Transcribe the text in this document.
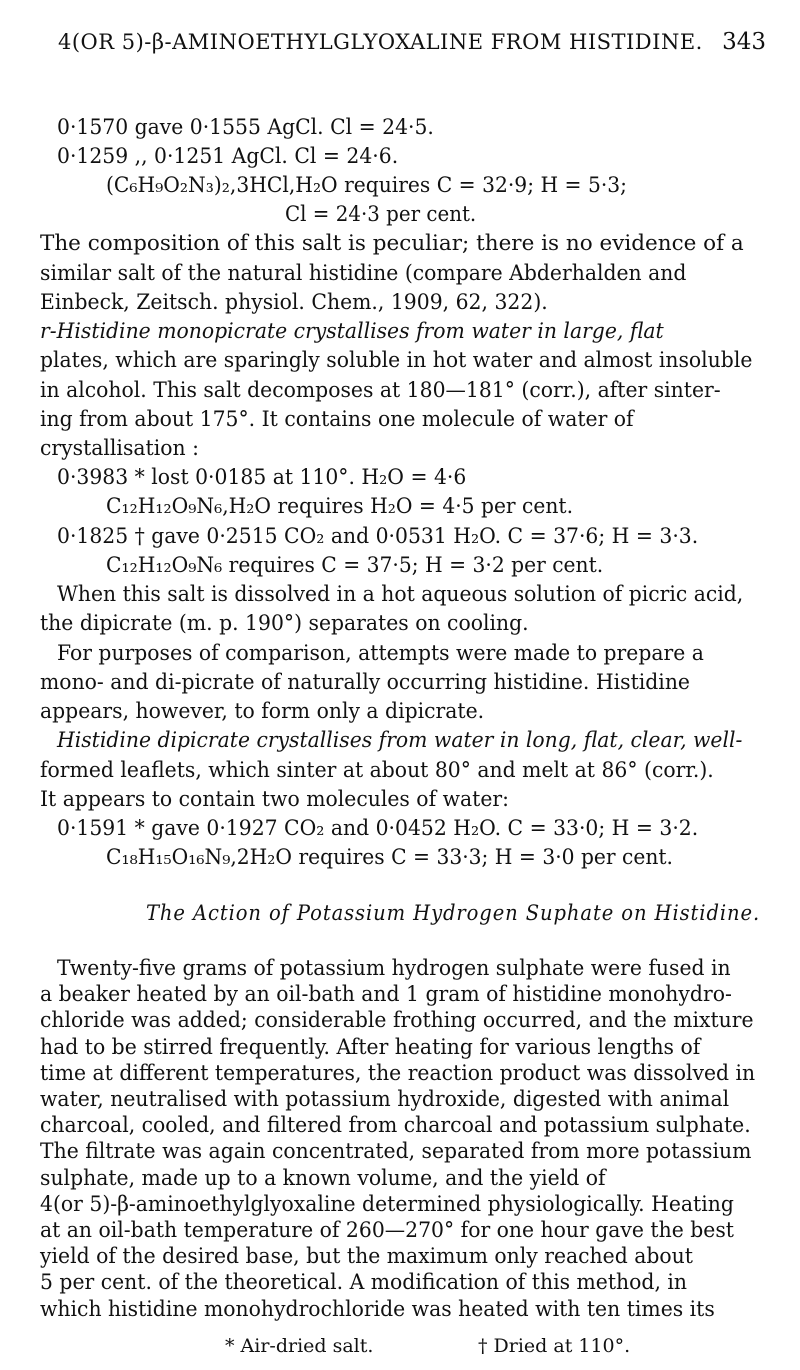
4(OR 5)-β-AMINOETHYLGLYOXALINE FROM HISTIDINE. 343
0·1570 gave 0·1555 AgCl. Cl = 24·5.
0·1259 ,, 0·1251 AgCl. Cl = 24·6.
(C₆H₉O₂N₃)₂,3HCl,H₂O requires C = 32·9; H = 5·3;
Cl = 24·3 per cent.
The composition of this salt is peculiar; there is no evidence of a
similar salt of the natural histidine (compare Abderhalden and
Einbeck, Zeitsch. physiol. Chem., 1909, 62, 322).
r-Histidine monopicrate crystallises from water in large, flat
plates, which are sparingly soluble in hot water and almost insoluble
in alcohol. This salt decomposes at 180—181° (corr.), after sinter-
ing from about 175°. It contains one molecule of water of
crystallisation :
0·3983 * lost 0·0185 at 110°. H₂O = 4·6
C₁₂H₁₂O₉N₆,H₂O requires H₂O = 4·5 per cent.
0·1825 † gave 0·2515 CO₂ and 0·0531 H₂O. C = 37·6; H = 3·3.
C₁₂H₁₂O₉N₆ requires C = 37·5; H = 3·2 per cent.
When this salt is dissolved in a hot aqueous solution of picric acid,
the dipicrate (m. p. 190°) separates on cooling.
For purposes of comparison, attempts were made to prepare a
mono- and di-picrate of naturally occurring histidine. Histidine
appears, however, to form only a dipicrate.
Histidine dipicrate crystallises from water in long, flat, clear, well-
formed leaflets, which sinter at about 80° and melt at 86° (corr.).
It appears to contain two molecules of water:
0·1591 * gave 0·1927 CO₂ and 0·0452 H₂O. C = 33·0; H = 3·2.
C₁₈H₁₅O₁₆N₉,2H₂O requires C = 33·3; H = 3·0 per cent.
The Action of Potassium Hydrogen Suphate on Histidine.
Twenty-five grams of potassium hydrogen sulphate were fused in
a beaker heated by an oil-bath and 1 gram of histidine monohydro-
chloride was added; considerable frothing occurred, and the mixture
had to be stirred frequently. After heating for various lengths of
time at different temperatures, the reaction product was dissolved in
water, neutralised with potassium hydroxide, digested with animal
charcoal, cooled, and filtered from charcoal and potassium sulphate.
The filtrate was again concentrated, separated from more potassium
sulphate, made up to a known volume, and the yield of
4(or 5)-β-aminoethylglyoxaline determined physiologically. Heating
at an oil-bath temperature of 260—270° for one hour gave the best
yield of the desired base, but the maximum only reached about
5 per cent. of the theoretical. A modification of this method, in
which histidine monohydrochloride was heated with ten times its
* Air-dried salt.	† Dried at 110°.
